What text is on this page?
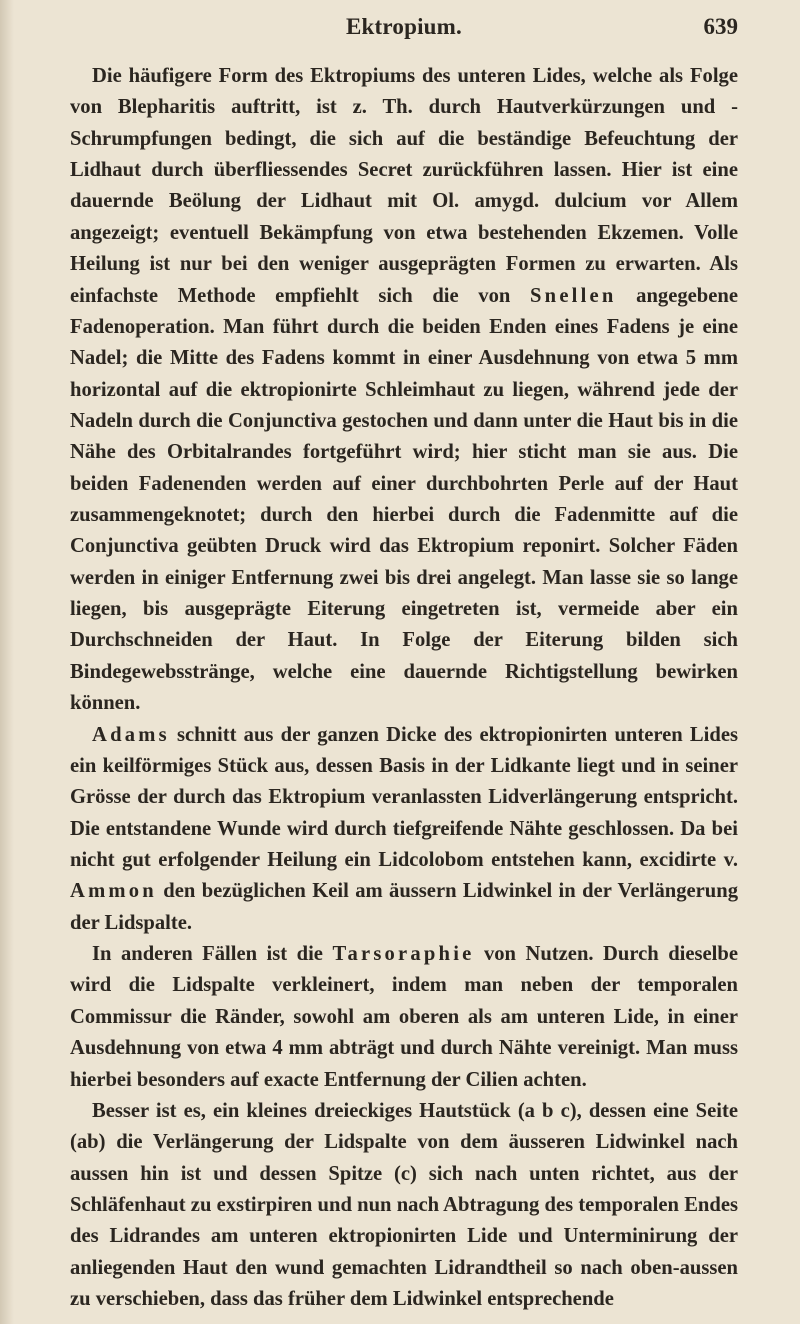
Ektropium.	639

Die häufigere Form des Ektropiums des unteren Lides, welche als Folge von Blepharitis auftritt, ist z. Th. durch Hautverkürzungen und -Schrumpfungen bedingt, die sich auf die beständige Befeuchtung der Lidhaut durch überfliessendes Secret zurückführen lassen. Hier ist eine dauernde Beölung der Lidhaut mit Ol. amygd. dulcium vor Allem angezeigt; eventuell Bekämpfung von etwa bestehenden Ekzemen. Volle Heilung ist nur bei den weniger ausgeprägten Formen zu erwarten. Als einfachste Methode empfiehlt sich die von Snellen angegebene Fadenoperation. Man führt durch die beiden Enden eines Fadens je eine Nadel; die Mitte des Fadens kommt in einer Ausdehnung von etwa 5 mm horizontal auf die ektropionirte Schleimhaut zu liegen, während jede der Nadeln durch die Conjunctiva gestochen und dann unter die Haut bis in die Nähe des Orbitalrandes fortgeführt wird; hier sticht man sie aus. Die beiden Fadenenden werden auf einer durchbohrten Perle auf der Haut zusammengeknotet; durch den hierbei durch die Fadenmitte auf die Conjunctiva geübten Druck wird das Ektropium reponirt. Solcher Fäden werden in einiger Entfernung zwei bis drei angelegt. Man lasse sie so lange liegen, bis ausgeprägte Eiterung eingetreten ist, vermeide aber ein Durchschneiden der Haut. In Folge der Eiterung bilden sich Bindegewebsstränge, welche eine dauernde Richtigstellung bewirken können.

Adams schnitt aus der ganzen Dicke des ektropionirten unteren Lides ein keilförmiges Stück aus, dessen Basis in der Lidkante liegt und in seiner Grösse der durch das Ektropium veranlassten Lidverlängerung entspricht. Die entstandene Wunde wird durch tiefgreifende Nähte geschlossen. Da bei nicht gut erfolgender Heilung ein Lidcolobom entstehen kann, excidirte v. Ammon den bezüglichen Keil am äussern Lidwinkel in der Verlängerung der Lidspalte.

In anderen Fällen ist die Tarsoraphie von Nutzen. Durch dieselbe wird die Lidspalte verkleinert, indem man neben der temporalen Commissur die Ränder, sowohl am oberen als am unteren Lide, in einer Ausdehnung von etwa 4 mm abträgt und durch Nähte vereinigt. Man muss hierbei besonders auf exacte Entfernung der Cilien achten.

Besser ist es, ein kleines dreieckiges Hautstück (a b c), dessen eine Seite (ab) die Verlängerung der Lidspalte von dem äusseren Lidwinkel nach aussen hin ist und dessen Spitze (c) sich nach unten richtet, aus der Schläfenhaut zu exstirpiren und nun nach Abtragung des temporalen Endes des Lidrandes am unteren ektropionirten Lide und Unterminirung der anliegenden Haut den wund gemachten Lidrandtheil so nach oben-aussen zu verschieben, dass das früher dem Lidwinkel entsprechende
